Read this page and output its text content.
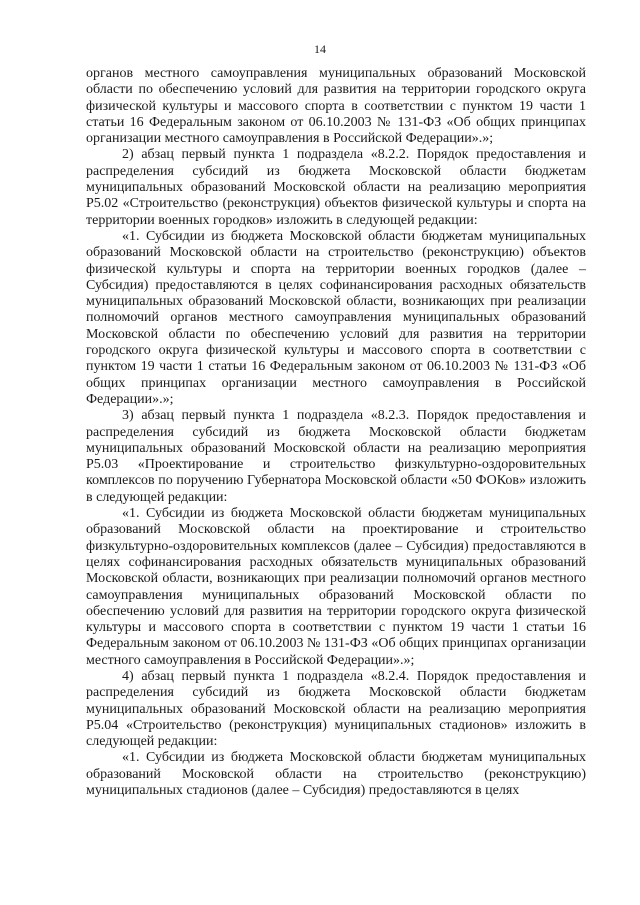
14

органов местного самоуправления муниципальных образований Московской области по обеспечению условий для развития на территории городского округа физической культуры и массового спорта в соответствии с пунктом 19 части 1 статьи 16 Федеральным законом от 06.10.2003 № 131-ФЗ «Об общих принципах организации местного самоуправления в Российской Федерации».»;

2) абзац первый пункта 1 подраздела «8.2.2. Порядок предоставления и распределения субсидий из бюджета Московской области бюджетам муниципальных образований Московской области на реализацию мероприятия Р5.02 «Строительство (реконструкция) объектов физической культуры и спорта на территории военных городков» изложить в следующей редакции:

«1. Субсидии из бюджета Московской области бюджетам муниципальных образований Московской области на строительство (реконструкцию) объектов физической культуры и спорта на территории военных городков (далее – Субсидия) предоставляются в целях софинансирования расходных обязательств муниципальных образований Московской области, возникающих при реализации полномочий органов местного самоуправления муниципальных образований Московской области по обеспечению условий для развития на территории городского округа физической культуры и массового спорта в соответствии с пунктом 19 части 1 статьи 16 Федеральным законом от 06.10.2003 № 131-ФЗ «Об общих принципах организации местного самоуправления в Российской Федерации».»;

3) абзац первый пункта 1 подраздела «8.2.3. Порядок предоставления и распределения субсидий из бюджета Московской области бюджетам муниципальных образований Московской области на реализацию мероприятия Р5.03 «Проектирование и строительство физкультурно-оздоровительных комплексов по поручению Губернатора Московской области «50 ФОКов» изложить в следующей редакции:

«1. Субсидии из бюджета Московской области бюджетам муниципальных образований Московской области на проектирование и строительство физкультурно-оздоровительных комплексов (далее – Субсидия) предоставляются в целях софинансирования расходных обязательств муниципальных образований Московской области, возникающих при реализации полномочий органов местного самоуправления муниципальных образований Московской области по обеспечению условий для развития на территории городского округа физической культуры и массового спорта в соответствии с пунктом 19 части 1 статьи 16 Федеральным законом от 06.10.2003 № 131-ФЗ «Об общих принципах организации местного самоуправления в Российской Федерации».»;

4) абзац первый пункта 1 подраздела «8.2.4. Порядок предоставления и распределения субсидий из бюджета Московской области бюджетам муниципальных образований Московской области на реализацию мероприятия Р5.04 «Строительство (реконструкция) муниципальных стадионов» изложить в следующей редакции:

«1. Субсидии из бюджета Московской области бюджетам муниципальных образований Московской области на строительство (реконструкцию) муниципальных стадионов (далее – Субсидия) предоставляются в целях
